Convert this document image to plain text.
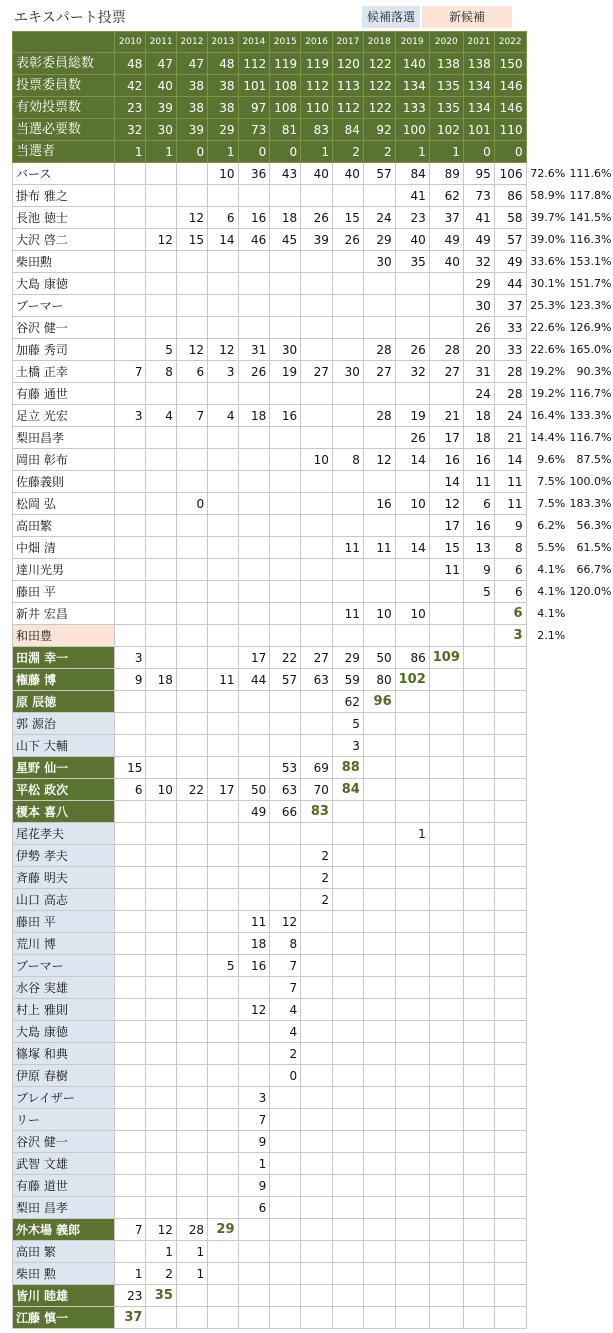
エキスパート投票	候補落選	新候補
	2010	2011	2012	2013	2014	2015	2016	2017	2018	2019	2020	2021	2022		
表彰委員総数	48	47	47	48	112	119	119	120	122	140	138	138	150		
投票委員数	42	40	38	38	101	108	112	113	122	134	135	134	146		
有効投票数	23	39	38	38	97	108	110	112	122	133	135	134	146		
当選必要数	32	30	39	29	73	81	83	84	92	100	102	101	110		
当選者	1	1	0	1	0	0	1	2	2	1	1	0	0		
バース				10	36	43	40	40	57	84	89	95	106	72.6%	111.6%
掛布 雅之										41	62	73	86	58.9%	117.8%
長池 徳士			12	6	16	18	26	15	24	23	37	41	58	39.7%	141.5%
大沢 啓二		12	15	14	46	45	39	26	29	40	49	49	57	39.0%	116.3%
柴田勲									30	35	40	32	49	33.6%	153.1%
大島 康徳												29	44	30.1%	151.7%
ブーマー												30	37	25.3%	123.3%
谷沢 健一												26	33	22.6%	126.9%
加藤 秀司		5	12	12	31	30			28	26	28	20	33	22.6%	165.0%
土橋 正幸	7	8	6	3	26	19	27	30	27	32	27	31	28	19.2%	90.3%
有藤 通世												24	28	19.2%	116.7%
足立 光宏	3	4	7	4	18	16			28	19	21	18	24	16.4%	133.3%
梨田昌孝										26	17	18	21	14.4%	116.7%
岡田 彰布							10	8	12	14	16	16	14	9.6%	87.5%
佐藤義則											14	11	11	7.5%	100.0%
松岡 弘			0						16	10	12	6	11	7.5%	183.3%
高田繁											17	16	9	6.2%	56.3%
中畑 清								11	11	14	15	13	8	5.5%	61.5%
達川光男											11	9	6	4.1%	66.7%
藤田 平												5	6	4.1%	120.0%
新井 宏昌								11	10	10			6	4.1%	
和田豊													3	2.1%	
田淵 幸一	3				17	22	27	29	50	86	109				
権藤 博	9	18		11	44	57	63	59	80	102					
原 辰徳								62	96						
郭 源治								5							
山下 大輔								3							
星野 仙一	15					53	69	88							
平松 政次	6	10	22	17	50	63	70	84							
榎本 喜八					49	66	83								
尾花孝夫										1					
伊勢 孝夫							2								
斉藤 明夫							2								
山口 高志							2								
藤田 平					11	12									
荒川 博					18	8									
ブーマー				5	16	7									
水谷 実雄						7									
村上 雅則					12	4									
大島 康徳						4									
篠塚 和典						2									
伊原 春樹						0									
ブレイザー					3										
リー					7										
谷沢 健一					9										
武智 文雄					1										
有藤 道世					9										
梨田 昌孝					6										
外木場 義郎	7	12	28	29											
高田 繁		1	1												
柴田 勲	1	2	1												
皆川 睦雄	23	35													
江藤 慎一	37														
